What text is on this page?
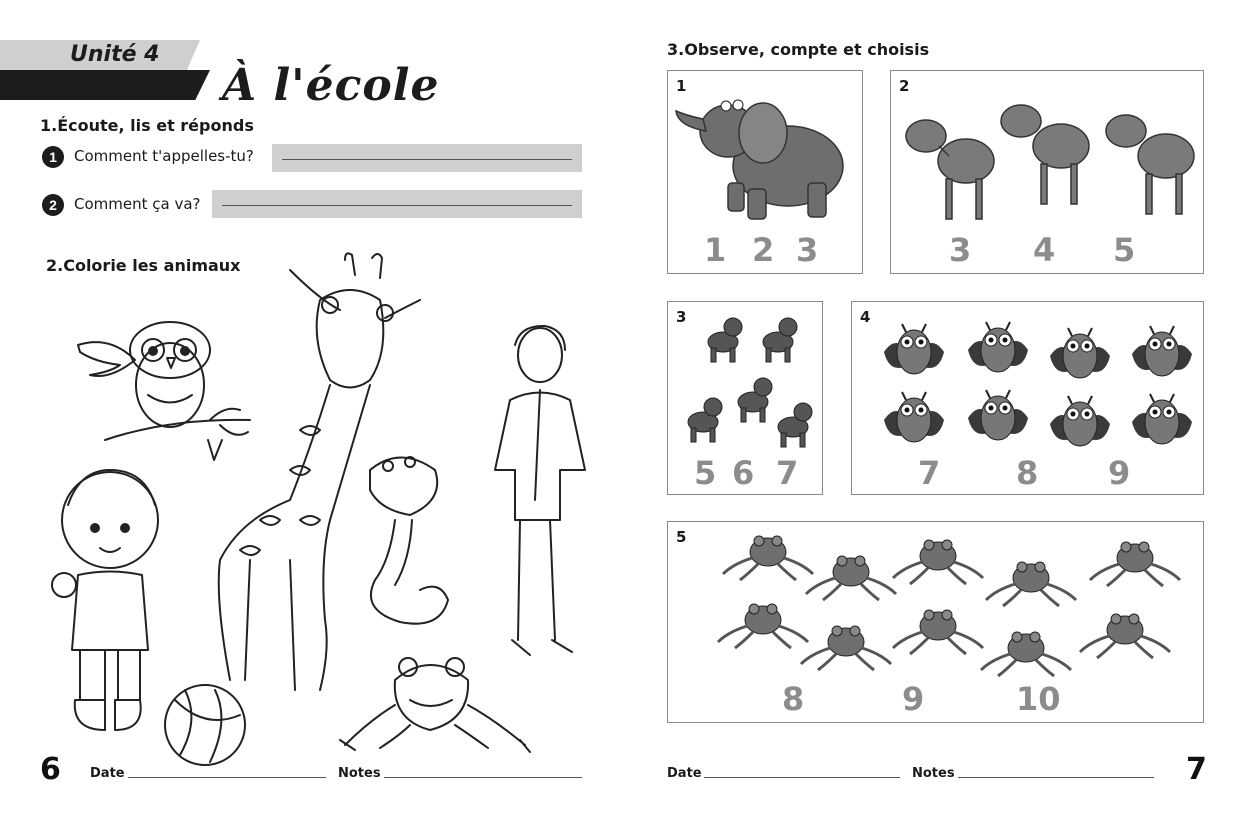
Unité 4
À l'école
1.Écoute, lis et réponds
1	Comment t'appelles-tu?
2	Comment ça va?
2.Colorie les animaux
6 Date	Notes
3.Observe, compte et choisis
1
1 2 3
2
3 4 5
3
5 6 7
4
7 8 9
5
8	9	10
Date	Notes	7
